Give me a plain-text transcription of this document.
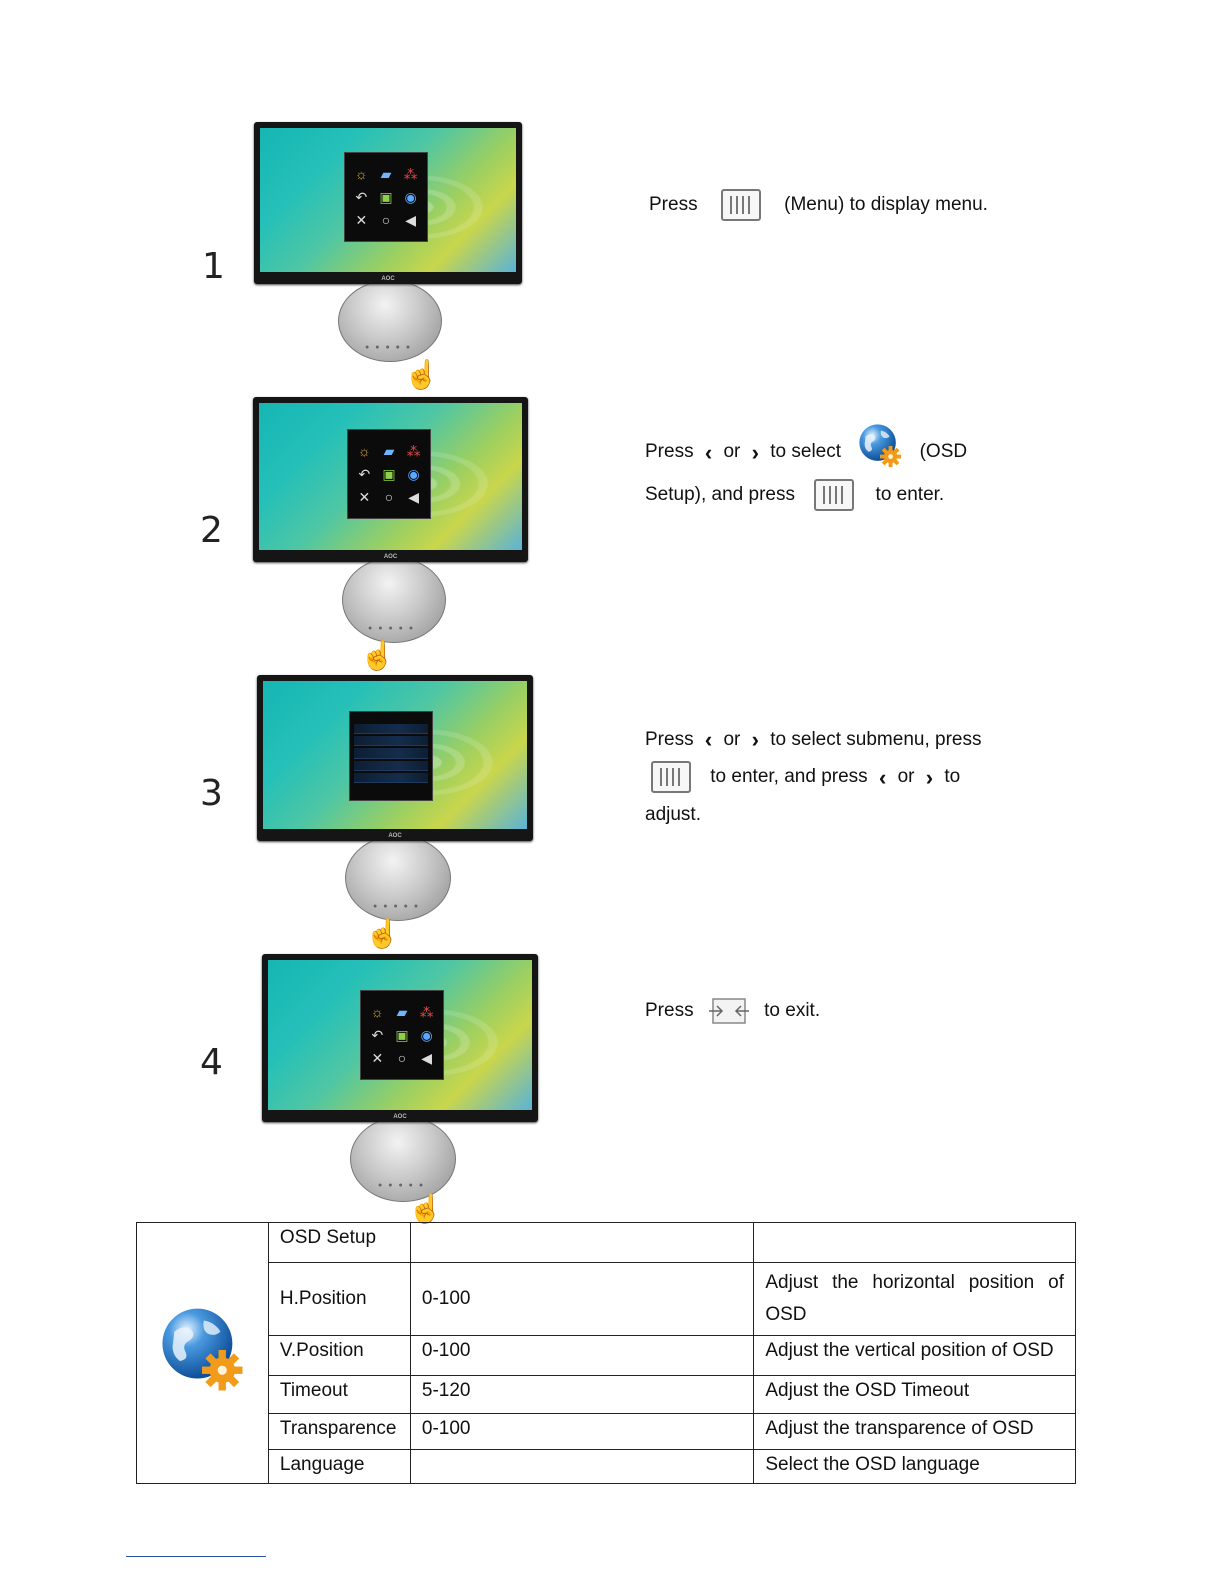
1
2
3
4
●●●●●
☝
☼ ▰ ⁂
↶ ▣ ◉
✕ ○ ◀
AOC
●●●●●
☝
☼ ▰ ⁂
↶ ▣ ◉
✕ ○ ◀
AOC
●●●●●
☝
AOC
●●●●●
☝
☼ ▰ ⁂
↶ ▣ ◉
✕ ○ ◀
AOC
Press	(Menu) to display menu.
Press ‹ or › to select	(OSD
Setup), and press	to enter.
Press ‹ or › to select submenu, press
to enter, and press ‹ or › to
adjust.
Press	to exit.
	OSD Setup		
	H.Position	0-100	Adjust the horizontal position of OSD
	V.Position	0-100	Adjust the vertical position of OSD
	Timeout	5-120	Adjust the OSD Timeout
	Transparence	0-100	Adjust the transparence of OSD
	Language		Select the OSD language
